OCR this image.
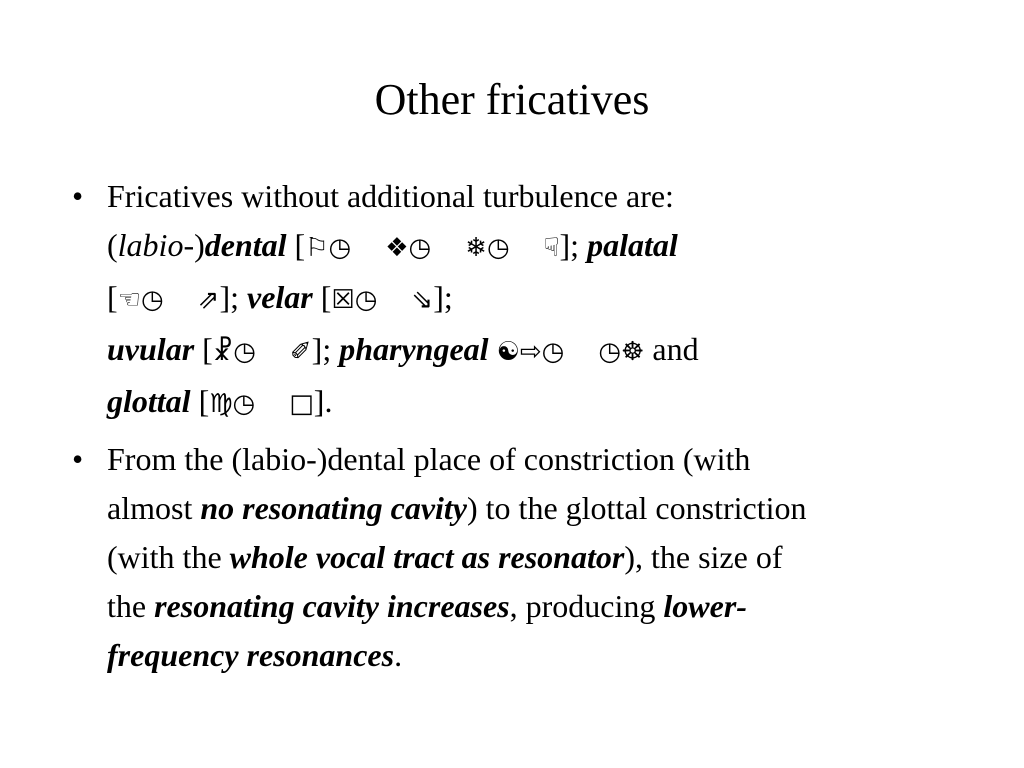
Other fricatives
• Fricatives without additional turbulence are:
(labio-)dental [⚐◷ ❖◷ ❄◷ ☟]; palatal
[☜◷ ⇗]; velar [☒◷ ⇘];
uvular [☧◷ ✐]; pharyngeal ☯⇨◷ ◷☸ and
glottal [♍◷ □].
• From the (labio-)dental place of constriction (with
almost no resonating cavity) to the glottal constriction
(with the whole vocal tract as resonator), the size of
the resonating cavity increases, producing lower-
frequency resonances.
